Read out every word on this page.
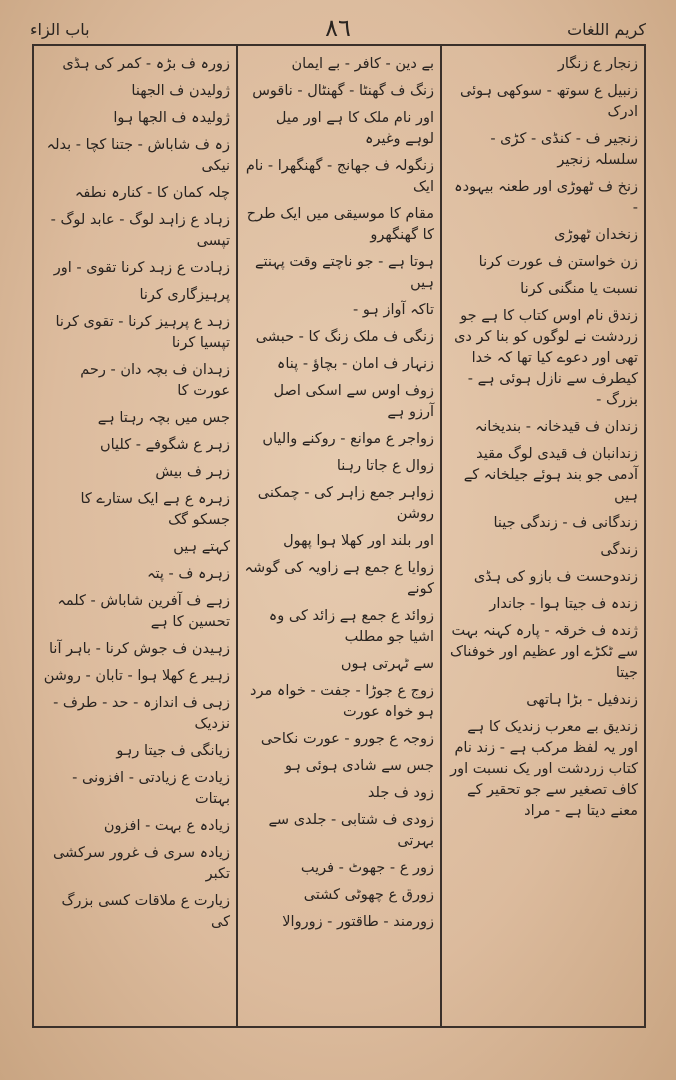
باب الزاء	۸٦	کریم اللغات

زنجار ع زنگار

زنبیل ع سوتھ - سوکھی ہوئی ادرک

زنجیر ف - کنڈی - کڑی - سلسلہ زنجیر

زنخ ف ٹھوڑی اور طعنہ بیہودہ -

زنخدان ٹھوڑی

زن خواستن ف عورت کرنا

نسبت یا منگنی کرنا

زندق نام اوس کتاب کا ہے جو زردشت نے لوگوں کو بنا کر دی تھی اور دعوے کیا تھا کہ خدا کیطرف سے نازل ہوئی ہے - بزرگ -

زندان ف قیدخانہ - بندیخانہ

زندانبان ف قیدی لوگ مقید آدمی جو بند ہوئے جیلخانہ کے ہیں

زندگانی ف - زندگی جینا

زندگی

زندوحست ف بازو کی ہڈی

زندہ ف جیتا ہوا - جاندار

ژندہ ف خرقہ - پارہ کہنہ بہت سے ٹکڑے اور عظیم اور خوفناک جیتا

زندفیل - بڑا ہاتھی

زندیق بے معرب زندیک کا ہے اور یہ لفظ مرکب ہے - زند نام کتاب زردشت اور یک نسبت اور کاف تصغیر سے جو تحقیر کے معنے دیتا ہے - مراد

بے دین - کافر - بے ایمان

زنگ ف گھنٹا - گھنٹال - ناقوس

اور نام ملک کا ہے اور میل لوہے وغیرہ

زنگولہ ف جھانج - گھنگھرا - نام ایک

مقام کا موسیقی میں ایک طرح کا گھنگھرو

ہوتا ہے - جو ناچتے وقت پہنتے ہیں

تاکہ آواز ہو -

زنگی ف ملک زنگ کا - حبشی

زنہار ف امان - بچاؤ - پناہ

زوف اوس سے اسکی اصل آرزو ہے

زواجر ع موانع - روکنے والیاں

زوال ع جاتا رہنا

زواہر جمع زاہر کی - چمکنی روشن

اور بلند اور کھلا ہوا پھول

زوایا ع جمع ہے زاویہ کی گوشہ کونے

زوائد ع جمع ہے زائد کی وہ اشیا جو مطلب

سے ٹہرتی ہوں

زوج ع جوڑا - جفت - خواہ مرد ہو خواہ عورت

زوجہ ع جورو - عورت نکاحی

جس سے شادی ہوئی ہو

زود ف جلد

زودی ف شتابی - جلدی سے بہرتی

زور ع - جھوٹ - فریب

زورق ع چھوٹی کشتی

زورمند - طاقتور - زوروالا

زورہ ف بڑہ - کمر کی ہڈی

ژولیدن ف الجھنا

ژولیدہ ف الجھا ہوا

زہ ف شاباش - جتنا کچا - بدلہ نیکی

چلہ کمان کا - کنارہ نطفہ

زہاد ع زاہد لوگ - عابد لوگ - تپسی

زہادت ع زہد کرنا تقوی - اور

پرہیزگاری کرنا

زہد ع پرہیز کرنا - تقوی کرنا تپسیا کرنا

زہدان ف بچہ دان - رحم عورت کا

جس میں بچہ رہتا ہے

زہر ع شگوفے - کلیاں

زہر ف بیش

زہرہ ع ہے ایک ستارے کا جسکو گک

کہتے ہیں

زہرہ ف - پتہ

زہے ف آفرین شاباش - کلمہ تحسین کا ہے

زہیدن ف جوش کرنا - باہر آنا

زہیر ع کھلا ہوا - تابان - روشن

زہی ف اندازہ - حد - طرف - نزدیک

زیانگی ف جیتا رہو

زیادت ع زیادتی - افزونی - بہتات

زیادہ ع بہت - افزون

زیادہ سری ف غرور سرکشی تکبر

زیارت ع ملاقات کسی بزرگ کی
